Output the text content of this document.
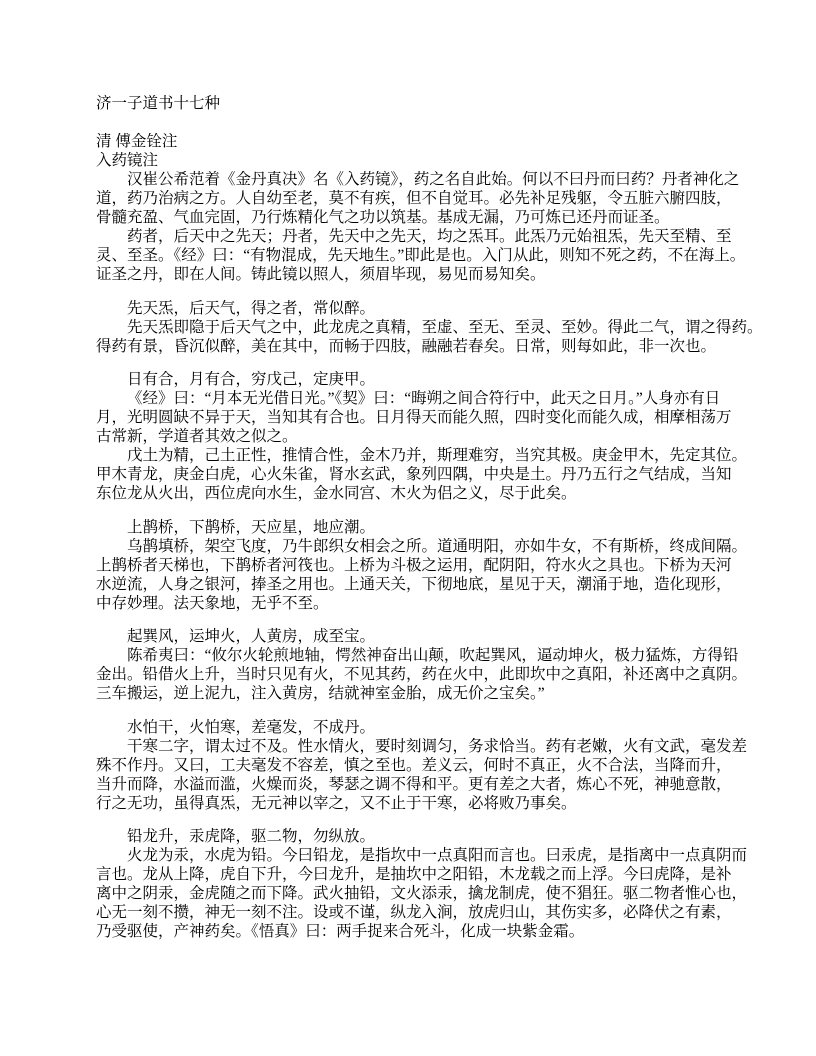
济一子道书十七种
清 傅金铨注
入药镜注
汉崔公希范着《金丹真决》名《入药镜》，药之名自此始。何以不曰丹而曰药？丹者神化之
道，药乃治病之方。人自幼至老，莫不有疾，但不自觉耳。必先补足残躯，令五脏六腑四肢，
骨髓充盈、气血完固，乃行炼精化气之功以筑基。基成无漏，乃可炼已还丹而证圣。
药者，后天中之先天；丹者，先天中之先天，均之炁耳。此炁乃元始祖炁，先天至精、至
灵、至圣。《经》曰：“有物混成，先天地生。”即此是也。入门从此，则知不死之药，不在海上。
证圣之丹，即在人间。铸此镜以照人，须眉毕现，易见而易知矣。
先天炁，后天气，得之者，常似醉。
先天炁即隐于后天气之中，此龙虎之真精，至虚、至无、至灵、至妙。得此二气，谓之得药。
得药有景，昏沉似醉，美在其中，而畅于四肢，融融若春矣。日常，则每如此，非一次也。
日有合，月有合，穷戊己，定庚甲。
《经》曰：“月本无光借日光。”《契》曰：“晦朔之间合符行中，此天之日月。”人身亦有日
月，光明圆缺不异于天，当知其有合也。日月得天而能久照，四时变化而能久成，相摩相荡万
古常新，学道者其效之似之。
戊土为精，己土正性，推情合性，金木乃并，斯理难穷，当究其极。庚金甲木，先定其位。
甲木青龙，庚金白虎，心火朱雀，肾水玄武，象列四隅，中央是土。丹乃五行之气结成，当知
东位龙从火出，西位虎向水生，金水同宫、木火为侣之义，尽于此矣。
上鹊桥，下鹊桥，天应星，地应潮。
乌鹊填桥，架空飞度，乃牛郎织女相会之所。道通明阳，亦如牛女，不有斯桥，终成间隔。
上鹊桥者天梯也，下鹊桥者河筏也。上桥为斗极之运用，配阴阳，符水火之具也。下桥为天河
水逆流，人身之银河，捧圣之用也。上通天关，下彻地底，星见于天，潮涌于地，造化现形，
中存妙理。法天象地，无乎不至。
起巽风，运坤火，人黄房，成至宝。
陈希夷曰：“攸尔火轮煎地轴，愕然神奋出山颠，吹起巽风，逼动坤火，极力猛炼，方得铅
金出。铅借火上升，当时只见有火，不见其药，药在火中，此即坎中之真阳，补还离中之真阴。
三车搬运，逆上泥九，注入黄房，结就神室金胎，成无价之宝矣。”
水怕干，火怕寒，差毫发，不成丹。
干寒二字，谓太过不及。性水情火，要时刻调匀，务求恰当。药有老嫩，火有文武，毫发差
殊不作丹。又曰，工夫毫发不容差，慎之至也。差义云，何时不真正，火不合法，当降而升，
当升而降，水溢而滥，火燥而炎，琴瑟之调不得和平。更有差之大者，炼心不死，神驰意散，
行之无功，虽得真炁，无元神以宰之，又不止于干寒，必将败乃事矣。
铅龙升，汞虎降，驱二物，勿纵放。
火龙为汞，水虎为铅。今曰铅龙，是指坎中一点真阳而言也。曰汞虎，是指离中一点真阴而
言也。龙从上降，虎自下升，今曰龙升，是抽坎中之阳铅，木龙载之而上浮。今曰虎降，是补
离中之阴汞，金虎随之而下降。武火抽铅，文火添汞，擒龙制虎，使不猖狂。驱二物者惟心也，
心无一刻不攒，神无一刻不注。设或不谨，纵龙入涧，放虎归山，其伤实多，必降伏之有素，
乃受驱使，产神药矣。《悟真》曰：两手捉来合死斗，化成一块紫金霜。
